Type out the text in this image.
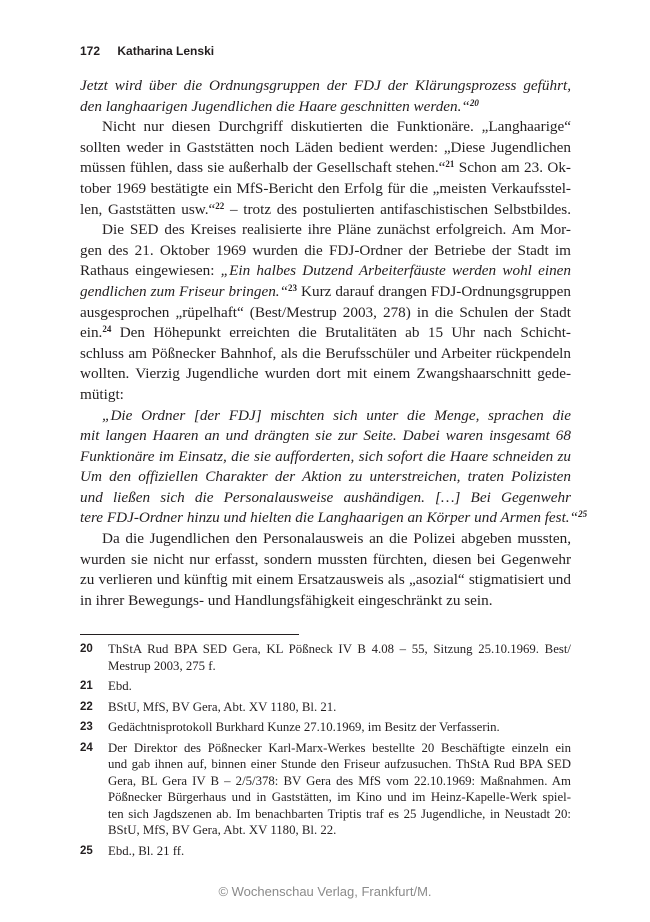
172 Katharina Lenski
Jetzt wird über die Ordnungsgruppen der FDJ der Klärungsprozess geführt,
den langhaarigen Jugendlichen die Haare geschnitten werden.“$^{20}$
Nicht nur diesen Durchgriff diskutierten die Funktionäre. „Langhaarige“
sollten weder in Gaststätten noch Läden bedient werden: „Diese Jugendlichen
müssen fühlen, dass sie außerhalb der Gesellschaft stehen.“$^{21}$ Schon am 23. Ok-
tober 1969 bestätigte ein MfS-Bericht den Erfolg für die „meisten Verkaufsstel-
len, Gaststätten usw.“$^{22}$ – trotz des postulierten antifaschistischen Selbstbildes.
Die SED des Kreises realisierte ihre Pläne zunächst erfolgreich. Am Mor-
gen des 21. Oktober 1969 wurden die FDJ-Ordner der Betriebe der Stadt im
Rathaus eingewiesen: „Ein halbes Dutzend Arbeiterfäuste werden wohl einen
gendlichen zum Friseur bringen.“$^{23}$ Kurz darauf drangen FDJ-Ordnungsgruppen
ausgesprochen „rüpelhaft“ (Best/Mestrup 2003, 278) in die Schulen der Stadt
ein.$^{24}$ Den Höhepunkt erreichten die Brutalitäten ab 15 Uhr nach Schicht-
schluss am Pößnecker Bahnhof, als die Berufsschüler und Arbeiter rückpendeln
wollten. Vierzig Jugendliche wurden dort mit einem Zwangshaarschnitt gede-
mütigt:
„Die Ordner [der FDJ] mischten sich unter die Menge, sprachen die
mit langen Haaren an und drängten sie zur Seite. Dabei waren insgesamt 68
Funktionäre im Einsatz, die sie aufforderten, sich sofort die Haare schneiden zu
Um den offiziellen Charakter der Aktion zu unterstreichen, traten Polizisten
und ließen sich die Personalausweise aushändigen. […] Bei Gegenwehr
tere FDJ-Ordner hinzu und hielten die Langhaarigen an Körper und Armen fest.“$^{25}$
Da die Jugendlichen den Personalausweis an die Polizei abgeben mussten,
wurden sie nicht nur erfasst, sondern mussten fürchten, diesen bei Gegenwehr
zu verlieren und künftig mit einem Ersatzausweis als „asozial“ stigmatisiert und
in ihrer Bewegungs- und Handlungsfähigkeit eingeschränkt zu sein.
20	ThStA Rud BPA SED Gera, KL Pößneck IV B 4.08 – 55, Sitzung 25.10.1969. Best/
Mestrup 2003, 275 f.
21	Ebd.
22	BStU, MfS, BV Gera, Abt. XV 1180, Bl. 21.
23	Gedächtnisprotokoll Burkhard Kunze 27.10.1969, im Besitz der Verfasserin.
24	Der Direktor des Pößnecker Karl-Marx-Werkes bestellte 20 Beschäftigte einzeln ein
und gab ihnen auf, binnen einer Stunde den Friseur aufzusuchen. ThStA Rud BPA SED
Gera, BL Gera IV B – 2/5/378: BV Gera des MfS vom 22.10.1969: Maßnahmen. Am
Pößnecker Bürgerhaus und in Gaststätten, im Kino und im Heinz-Kapelle-Werk spiel-
ten sich Jagdszenen ab. Im benachbarten Triptis traf es 25 Jugendliche, in Neustadt 20:
BStU, MfS, BV Gera, Abt. XV 1180, Bl. 22.
25	Ebd., Bl. 21 ff.
© Wochenschau Verlag, Frankfurt/M.
